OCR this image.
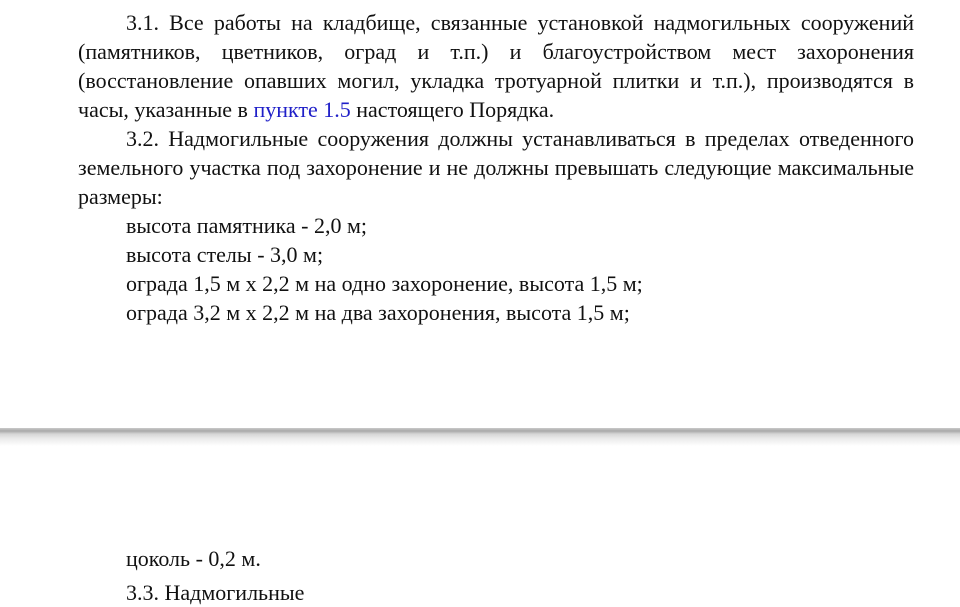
3.1. Все работы на кладбище, связанные установкой надмогильных сооружений (памятников, цветников, оград и т.п.) и благоустройством мест захоронения (восстановление опавших могил, укладка тротуарной плитки и т.п.), производятся в часы, указанные в пункте 1.5 настоящего Порядка.

3.2. Надмогильные сооружения должны устанавливаться в пределах отведенного земельного участка под захоронение и не должны превышать следующие максимальные размеры:

высота памятника - 2,0 м;

высота стелы - 3,0 м;

ограда 1,5 м х 2,2 м на одно захоронение, высота 1,5 м;

ограда 3,2 м х 2,2 м на два захоронения, высота 1,5 м;

цоколь - 0,2 м.

3.3. Надмогильные
